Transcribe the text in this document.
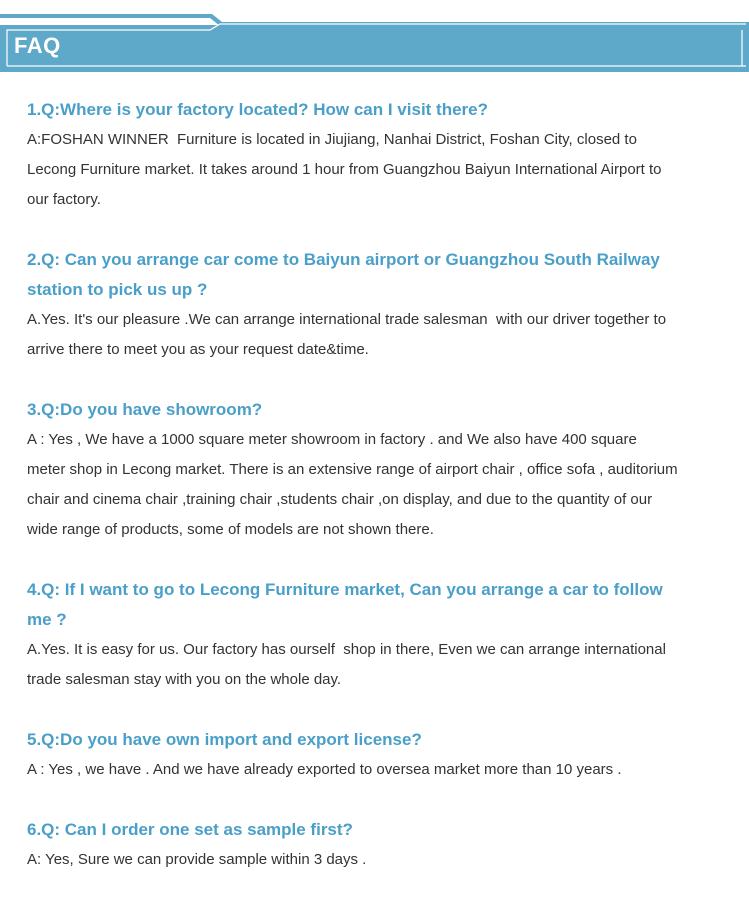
FAQ

1.Q:Where is your factory located? How can I visit there?

A:FOSHAN WINNER  Furniture is located in Jiujiang, Nanhai District, Foshan City, closed to
Lecong Furniture market. It takes around 1 hour from Guangzhou Baiyun International Airport to
our factory.

2.Q: Can you arrange car come to Baiyun airport or Guangzhou South Railway
station to pick us up ?

A.Yes. It's our pleasure .We can arrange international trade salesman  with our driver together to
arrive there to meet you as your request date&time.

3.Q:Do you have showroom?

A : Yes , We have a 1000 square meter showroom in factory . and We also have 400 square
meter shop in Lecong market. There is an extensive range of airport chair , office sofa , auditorium
chair and cinema chair ,training chair ,students chair ,on display, and due to the quantity of our
wide range of products, some of models are not shown there.

4.Q: If I want to go to Lecong Furniture market, Can you arrange a car to follow
me ?

A.Yes. It is easy for us. Our factory has ourself  shop in there, Even we can arrange international
trade salesman stay with you on the whole day.

5.Q:Do you have own import and export license?

A : Yes , we have . And we have already exported to oversea market more than 10 years .

6.Q: Can I order one set as sample first?

A: Yes, Sure we can provide sample within 3 days .
